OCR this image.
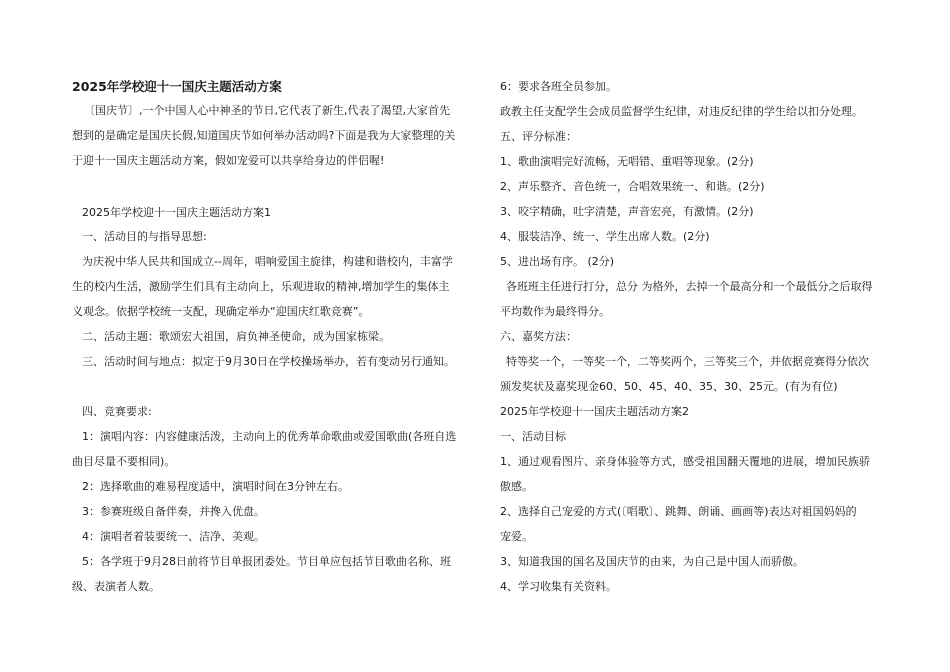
2025年学校迎十一国庆主题活动方案

〔国庆节〕,一个中国人心中神圣的节日,它代表了新生,代表了渴望,大家首先

想到的是确定是国庆长假,知道国庆节如何举办活动吗?下面是我为大家整理的关

于迎十一国庆主题活动方案，假如宠爱可以共享给身边的伴侣喔!

2025年学校迎十一国庆主题活动方案1

一、活动目的与指导思想:

为庆祝中华人民共和国成立--周年，唱响爱国主旋律，构建和谐校内，丰富学

生的校内生活，激励学生们具有主动向上，乐观进取的精神,增加学生的集体主

义观念。依据学校统一支配，现确定举办“迎国庆红歌竞赛”。

二、活动主题：歌颂宏大祖国，肩负神圣使命，成为国家栋梁。

三、活动时间与地点：拟定于9月30日在学校操场举办，若有变动另行通知。

四、竞赛要求:

1：演唱内容：内容健康活泼，主动向上的优秀革命歌曲或爱国歌曲(各班自选

曲目尽量不要相同)。

2：选择歌曲的难易程度适中，演唱时间在3分钟左右。

3：参赛班级自备伴奏，并搀入优盘。

4：演唱者着装要统一、洁净、美观。

5：各学班于9月28日前将节目单报团委处。节目单应包括节目歌曲名称、班

级、表演者人数。

6：要求各班全员参加。

政教主任支配学生会成员监督学生纪律，对违反纪律的学生给以扣分处理。

五、评分标准：

1、歌曲演唱完好流畅，无唱错、重唱等现象。(2分)

2、声乐整齐、音色统一，合唱效果统一、和谐。(2分)

3、咬字精确，吐字清楚，声音宏亮，有激情。(2分)

4、服装洁净、统一、学生出席人数。(2分)

5、进出场有序。 (2分)

各班班主任进行打分，总分 为格外，去掉一个最高分和一个最低分之后取得

平均数作为最终得分。

六、嘉奖方法：

特等奖一个，一等奖一个，二等奖两个，三等奖三个，并依据竞赛得分依次

颁发奖状及嘉奖现金60、50、45、40、35、30、25元。(有为有位)

2025年学校迎十一国庆主题活动方案2

一、活动目标

1、通过观看图片、亲身体验等方式，感受祖国翻天覆地的进展，增加民族骄

傲感。

2、选择自己宠爱的方式(〔唱歌〕、跳舞、朗诵、画画等)表达对祖国妈妈的

宠爱。

3、知道我国的国名及国庆节的由来，为自己是中国人而骄傲。

4、学习收集有关资料。
